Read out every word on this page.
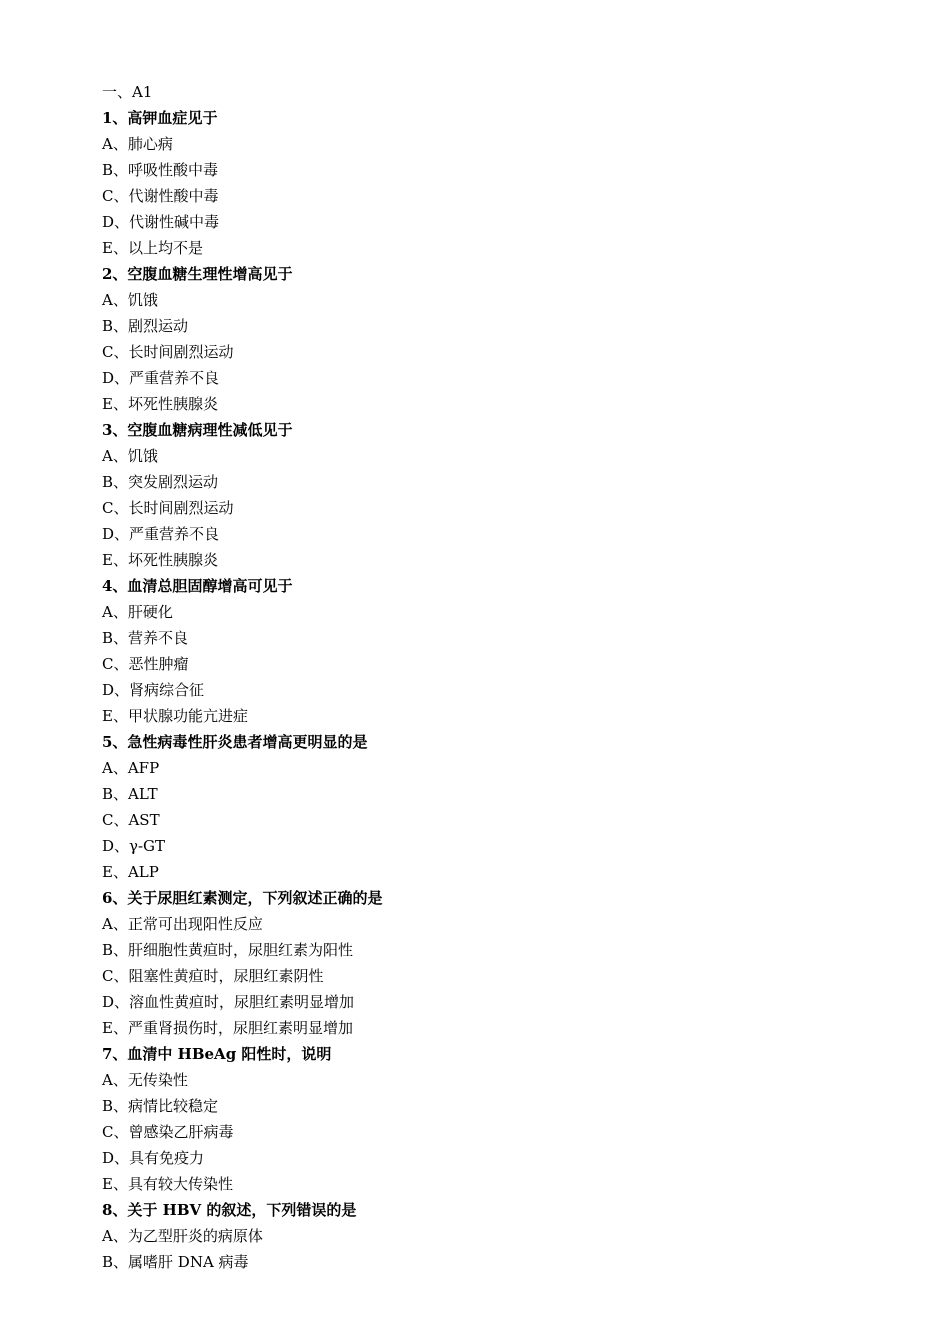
一、A1
1、高钾血症见于
A、肺心病
B、呼吸性酸中毒
C、代谢性酸中毒
D、代谢性碱中毒
E、以上均不是
2、空腹血糖生理性增高见于
A、饥饿
B、剧烈运动
C、长时间剧烈运动
D、严重营养不良
E、坏死性胰腺炎
3、空腹血糖病理性减低见于
A、饥饿
B、突发剧烈运动
C、长时间剧烈运动
D、严重营养不良
E、坏死性胰腺炎
4、血清总胆固醇增高可见于
A、肝硬化
B、营养不良
C、恶性肿瘤
D、肾病综合征
E、甲状腺功能亢进症
5、急性病毒性肝炎患者增高更明显的是
A、AFP
B、ALT
C、AST
D、γ-GT
E、ALP
6、关于尿胆红素测定，下列叙述正确的是
A、正常可出现阳性反应
B、肝细胞性黄疸时，尿胆红素为阳性
C、阻塞性黄疸时，尿胆红素阴性
D、溶血性黄疸时，尿胆红素明显增加
E、严重肾损伤时，尿胆红素明显增加
7、血清中 HBeAg 阳性时，说明
A、无传染性
B、病情比较稳定
C、曾感染乙肝病毒
D、具有免疫力
E、具有较大传染性
8、关于 HBV 的叙述，下列错误的是
A、为乙型肝炎的病原体
B、属嗜肝 DNA 病毒
